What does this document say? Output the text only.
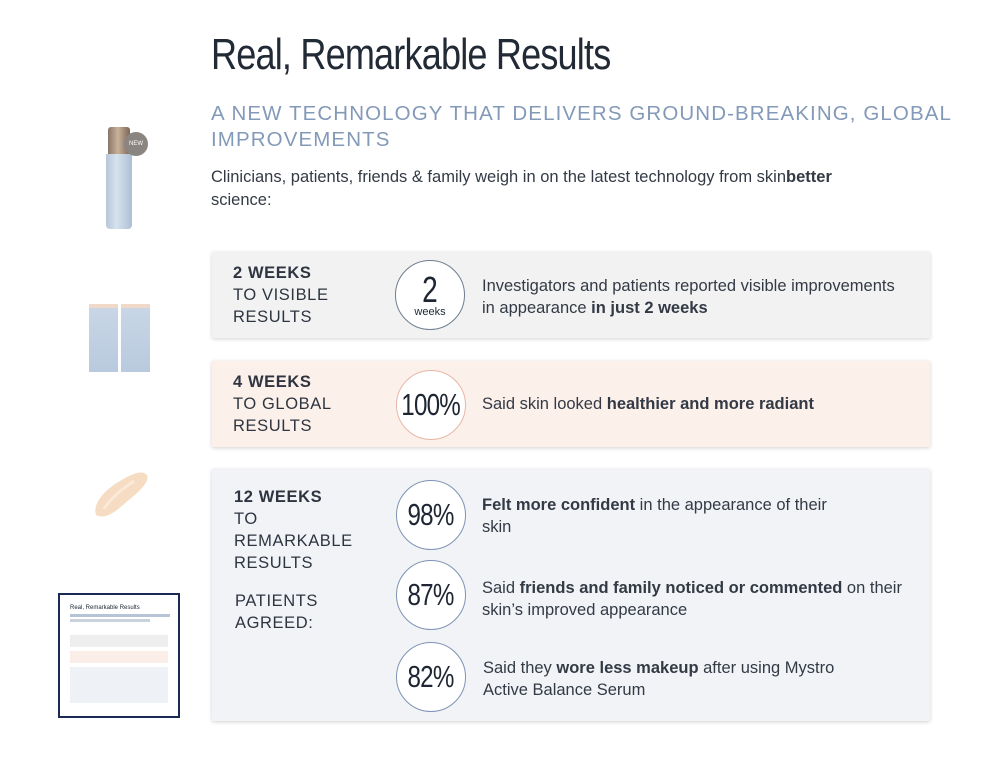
Real, Remarkable Results
A NEW TECHNOLOGY THAT DELIVERS GROUND-BREAKING, GLOBAL IMPROVEMENTS
Clinicians, patients, friends & family weigh in on the latest technology from skinbetter science:
NEW
Real, Remarkable Results
2 WEEKS
TO VISIBLE
RESULTS
2
weeks
Investigators and patients reported visible improvements in appearance in just 2 weeks
4 WEEKS
TO GLOBAL
RESULTS
100% Said skin looked healthier and more radiant
12 WEEKS
TO
REMARKABLE
RESULTS
PATIENTS
AGREED:
98% Felt more confident in the appearance of their skin
87% Said friends and family noticed or commented on their skin’s improved appearance
82% Said they wore less makeup after using Mystro Active Balance Serum
